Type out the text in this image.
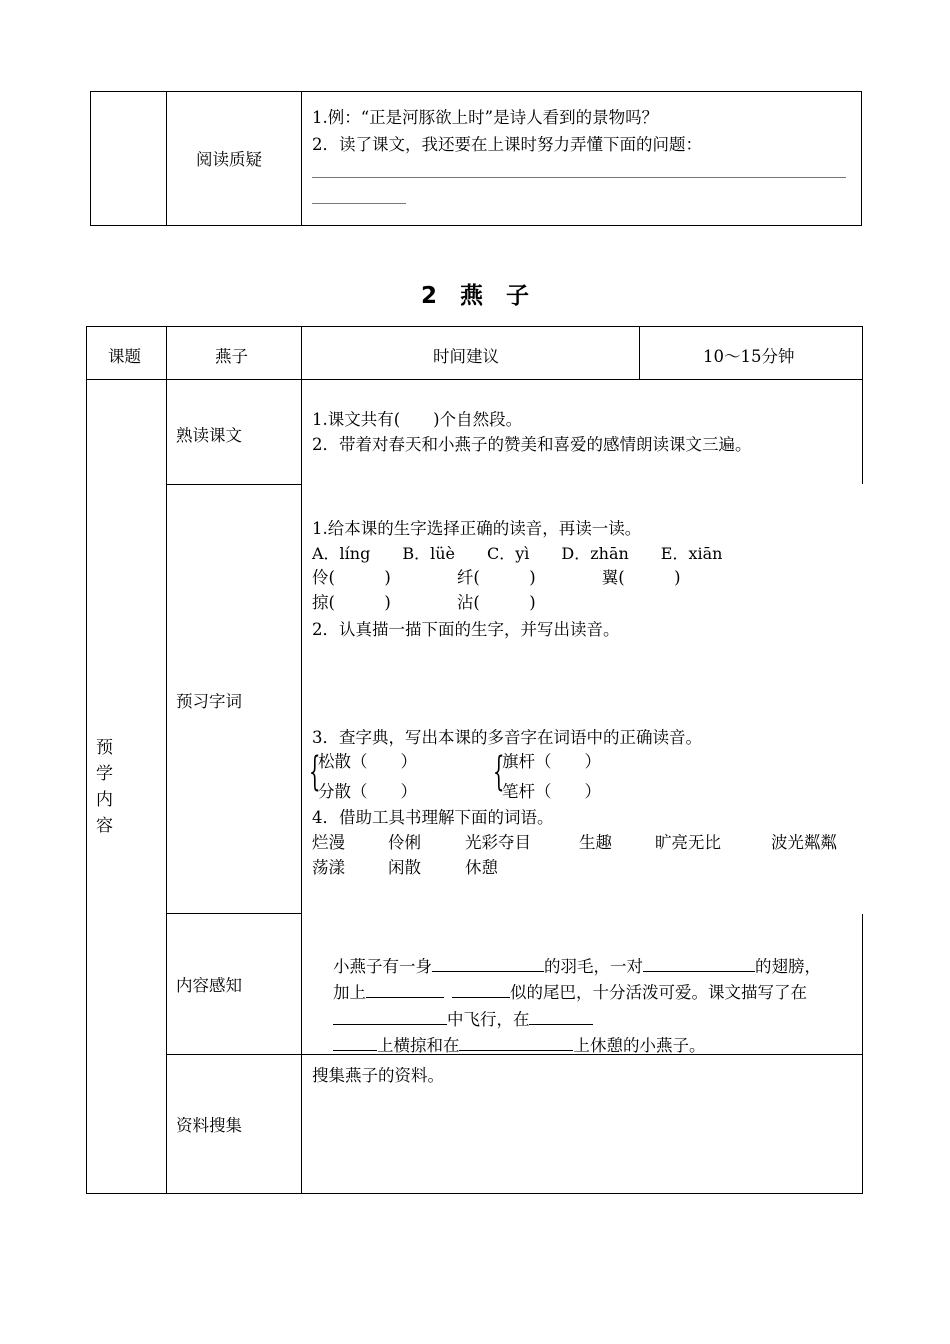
阅读质疑
1.例：“正是河豚欲上时”是诗人看到的景物吗？
2．读了课文，我还要在上课时努力弄懂下面的问题：
2　燕　子
课题	燕子	时间建议	10～15分钟
预学内容
熟读课文
1.课文共有(　　)个自然段。
2．带着对春天和小燕子的赞美和喜爱的感情朗读课文三遍。
预习字词
1.给本课的生字选择正确的读音，再读一读。
A．líng　　B．lüè　　C．yì　　D．zhān　　E．xiān
伶(　　　)　　　　纤(　　　)　　　　翼(　　　)
掠(　　　)　　　　沾(　　　)
2．认真描一描下面的生字，并写出读音。
3．查字典，写出本课的多音字在词语中的正确读音。
{
松散（　　）
分散（　　） {
旗杆（　　）
笔杆（　　）
4．借助工具书理解下面的词语。
烂漫	伶俐	光彩夺目	生趣	旷亮无比	波光粼粼
荡漾	闲散	休憩
内容感知

小燕子有一身	的羽毛，一对	的翅膀，

加上	似的尾巴，十分活泼可爱。课文描写了在

中飞行，在

上横掠和在	上休憩的小燕子。

资料搜集
搜集燕子的资料。
